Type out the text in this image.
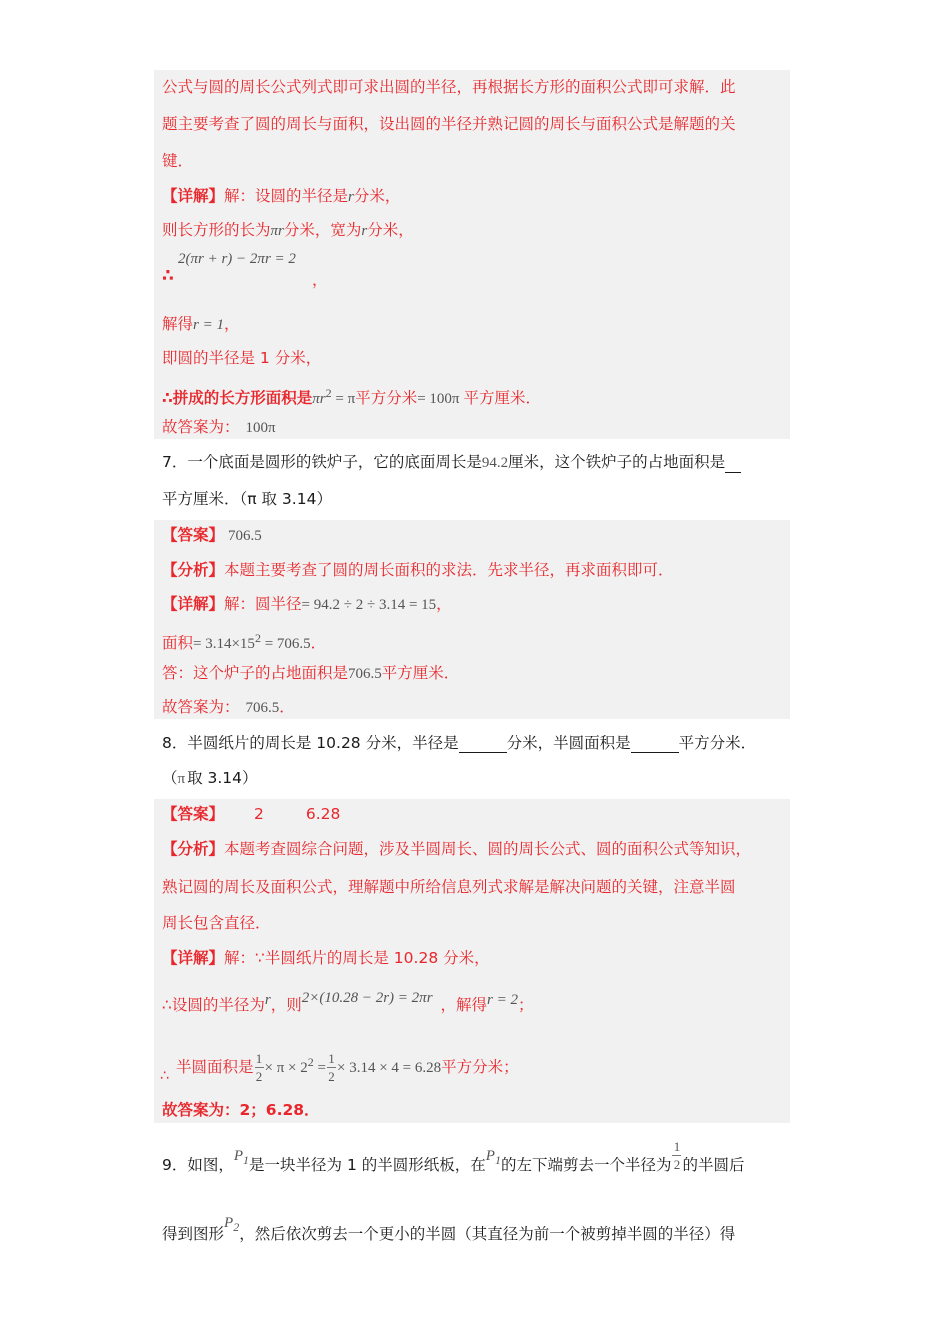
公式与圆的周长公式列式即可求出圆的半径，再根据长方形的面积公式即可求解．此
题主要考查了圆的周长与面积，设出圆的半径并熟记圆的周长与面积公式是解题的关
键．
【详解】解：设圆的半径是r分米，
则长方形的长为πr分米，宽为r分米，
∴
2(πr + r) − 2πr = 2
，
解得r = 1，
即圆的半径是 1 分米，
∴拼成的长方形面积是$\pi r^2 = \pi$平方分米= 100π 平方厘米．
故答案为： 100π
7．一个底面是圆形的铁炉子，它的底面周长是94.2厘米，这个铁炉子的占地面积是
平方厘米．（π 取 3.14）
【答案】 706.5
【分析】本题主要考查了圆的周长面积的求法．先求半径，再求面积即可．
【详解】解：圆半径= 94.2 ÷ 2 ÷ 3.14 = 15，
面积= $3.14\times 15^2 = 706.5$．
答：这个炉子的占地面积是706.5平方厘米．
故答案为： 706.5．
8．半圆纸片的周长是 10.28 分米，半径是	分米，半圆面积是	平方分米．
（π 取 3.14）
【答案】 2	6.28
【分析】本题考查圆综合问题，涉及半圆周长、圆的周长公式、圆的面积公式等知识，
熟记圆的周长及面积公式，理解题中所给信息列式求解是解决问题的关键，注意半圆
周长包含直径．
【详解】解：∵半圆纸片的周长是 10.28 分米，
∴设圆的半径为r，则2×(10.28 − 2r) = 2πr ，解得r = 2；
∴ 半圆面积是 $\frac{1}{2} \times \pi \times 2^2 = \frac{1}{2} \times 3.14 \times 4 = 6.28$平方分米；
故答案为：2；6.28．
9．如图，$P_1$是一块半径为 1 的半圆形纸板，在$P_1$的左下端剪去一个半径为 $\frac{1}{2}$ 的半圆后
得到图形$P_2$，然后依次剪去一个更小的半圆（其直径为前一个被剪掉半圆的半径）得
